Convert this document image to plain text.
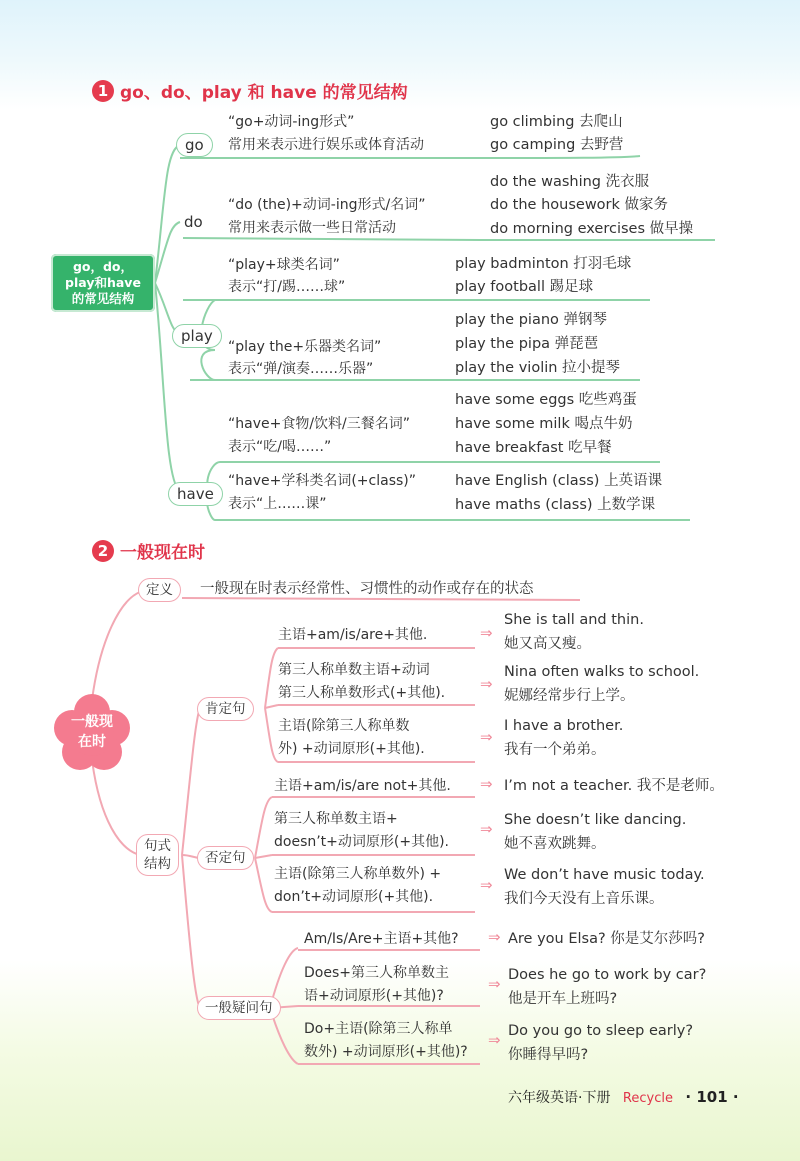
1 go、do、play 和 have 的常见结构
go，do，
play和have
的常见结构
go
do
play
have
“go+动词-ing形式”
常用来表示进行娱乐或体育活动
go climbing 去爬山
go camping 去野营
“do (the)+动词-ing形式/名词”
常用来表示做一些日常活动
do the washing 洗衣服
do the housework 做家务
do morning exercises 做早操
“play+球类名词”
表示“打/踢……球”
play badminton 打羽毛球
play football 踢足球
“play the+乐器类名词”
表示“弹/演奏……乐器”
play the piano 弹钢琴
play the pipa 弹琵琶
play the violin 拉小提琴
“have+食物/饮料/三餐名词”
表示“吃/喝……”
have some eggs 吃些鸡蛋
have some milk 喝点牛奶
have breakfast 吃早餐
“have+学科类名词(+class)”
表示“上……课”
have English (class) 上英语课
have maths (class) 上数学课
2 一般现在时
一般现
在时
定义	一般现在时表示经常性、习惯性的动作或存在的状态
句式
结构
肯定句
否定句
一般疑问句
主语+am/is/are+其他.	⇒
She is tall and thin.
她又高又瘦。
第三人称单数主语+动词
第三人称单数形式(+其他). ⇒
Nina often walks to school.
妮娜经常步行上学。
主语(除第三人称单数
外) +动词原形(+其他).
⇒
I have a brother.
我有一个弟弟。
主语+am/is/are not+其他. ⇒ I’m not a teacher. 我不是老师。
第三人称单数主语+
doesn’t+动词原形(+其他).
⇒ She doesn’t like dancing.
她不喜欢跳舞。
主语(除第三人称单数外) +
don’t+动词原形(+其他).
⇒
We don’t have music today.
我们今天没有上音乐课。
Am/Is/Are+主语+其他? ⇒ Are you Elsa? 你是艾尔莎吗?
Does+第三人称单数主
语+动词原形(+其他)?
⇒ Does he go to work by car?
他是开车上班吗?
Do+主语(除第三人称单
数外) +动词原形(+其他)?
⇒ Do you go to sleep early?
你睡得早吗?
六年级英语·下册 Recycle · 101 ·
